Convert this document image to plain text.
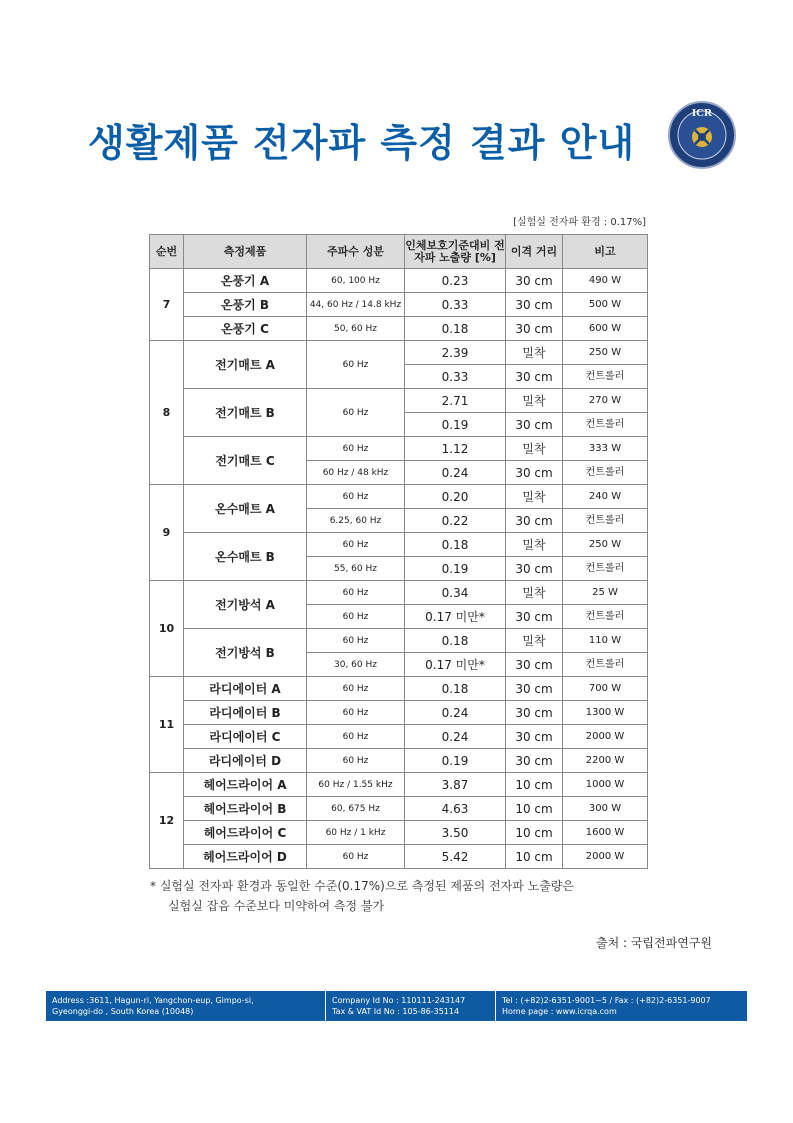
생활제품 전자파 측정 결과 안내
ICR
[실험실 전자파 환경 : 0.17%]
순번	측정제품	주파수 성분	인체보호기준대비 전자파 노출량 [%]	이격 거리	비고
7	온풍기 A	60, 100 Hz	0.23	30 cm	490 W
	온풍기 B	44, 60 Hz / 14.8 kHz	0.33	30 cm	500 W
	온풍기 C	50, 60 Hz	0.18	30 cm	600 W
8	전기매트 A	60 Hz	2.39	밀착	250 W
			0.33	30 cm	컨트롤러
	전기매트 B	60 Hz	2.71	밀착	270 W
			0.19	30 cm	컨트롤러
	전기매트 C	60 Hz	1.12	밀착	333 W
		60 Hz / 48 kHz	0.24	30 cm	컨트롤러
9	온수매트 A	60 Hz	0.20	밀착	240 W
		6.25, 60 Hz	0.22	30 cm	컨트롤러
	온수매트 B	60 Hz	0.18	밀착	250 W
		55, 60 Hz	0.19	30 cm	컨트롤러
10	전기방석 A	60 Hz	0.34	밀착	25 W
		60 Hz	0.17 미만*	30 cm	컨트롤러
	전기방석 B	60 Hz	0.18	밀착	110 W
		30, 60 Hz	0.17 미만*	30 cm	컨트롤러
11	라디에이터 A	60 Hz	0.18	30 cm	700 W
	라디에이터 B	60 Hz	0.24	30 cm	1300 W
	라디에이터 C	60 Hz	0.24	30 cm	2000 W
	라디에이터 D	60 Hz	0.19	30 cm	2200 W
12	헤어드라이어 A	60 Hz / 1.55 kHz	3.87	10 cm	1000 W
	헤어드라이어 B	60, 675 Hz	4.63	10 cm	300 W
	헤어드라이어 C	60 Hz / 1 kHz	3.50	10 cm	1600 W
	헤어드라이어 D	60 Hz	5.42	10 cm	2000 W
* 실험실 전자파 환경과 동일한 수준(0.17%)으로 측정된 제품의 전자파 노출량은
실험실 잡음 수준보다 미약하여 측정 불가
출처 : 국립전파연구원
Address :3611, Hagun-ri, Yangchon-eup, Gimpo-si,
Gyeonggi-do , South Korea (10048)
Company Id No : 110111-243147
Tax & VAT Id No : 105-86-35114
Tel : (+82)2-6351-9001~5 / Fax : (+82)2-6351-9007
Home page : www.icrqa.com
